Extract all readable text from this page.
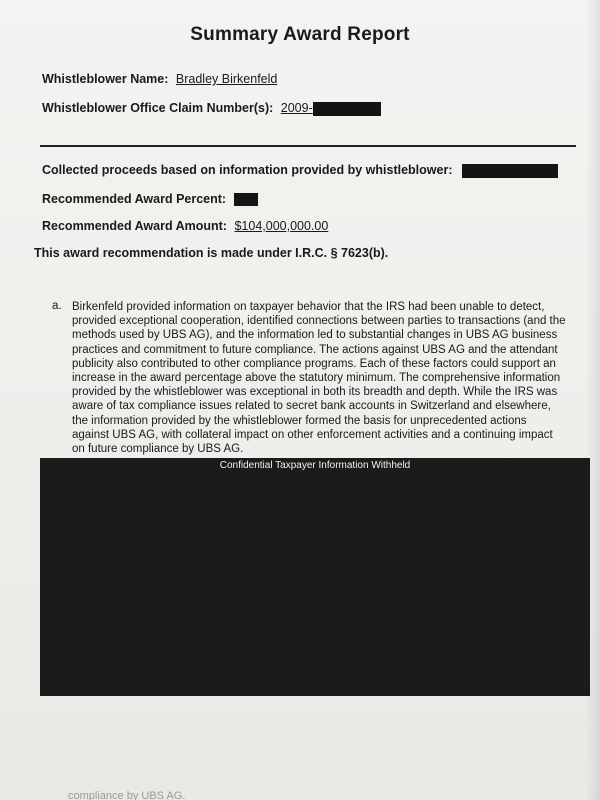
Summary Award Report
Whistleblower Name: Bradley Birkenfeld
Whistleblower Office Claim Number(s): 2009-
Collected proceeds based on information provided by whistleblower:
Recommended Award Percent:
Recommended Award Amount: $104,000,000.00
This award recommendation is made under I.R.C. § 7623(b).
a. Birkenfeld provided information on taxpayer behavior that the IRS had been unable to detect, provided exceptional cooperation, identified connections between parties to transactions (and the methods used by UBS AG), and the information led to substantial changes in UBS AG business practices and commitment to future compliance. The actions against UBS AG and the attendant publicity also contributed to other compliance programs. Each of these factors could support an increase in the award percentage above the statutory minimum. The comprehensive information provided by the whistleblower was exceptional in both its breadth and depth. While the IRS was aware of tax compliance issues related to secret bank accounts in Switzerland and elsewhere, the information provided by the whistleblower formed the basis for unprecedented actions against UBS AG, with collateral impact on other enforcement activities and a continuing impact on future compliance by UBS AG.
Confidential Taxpayer Information Withheld
compliance by UBS AG.
